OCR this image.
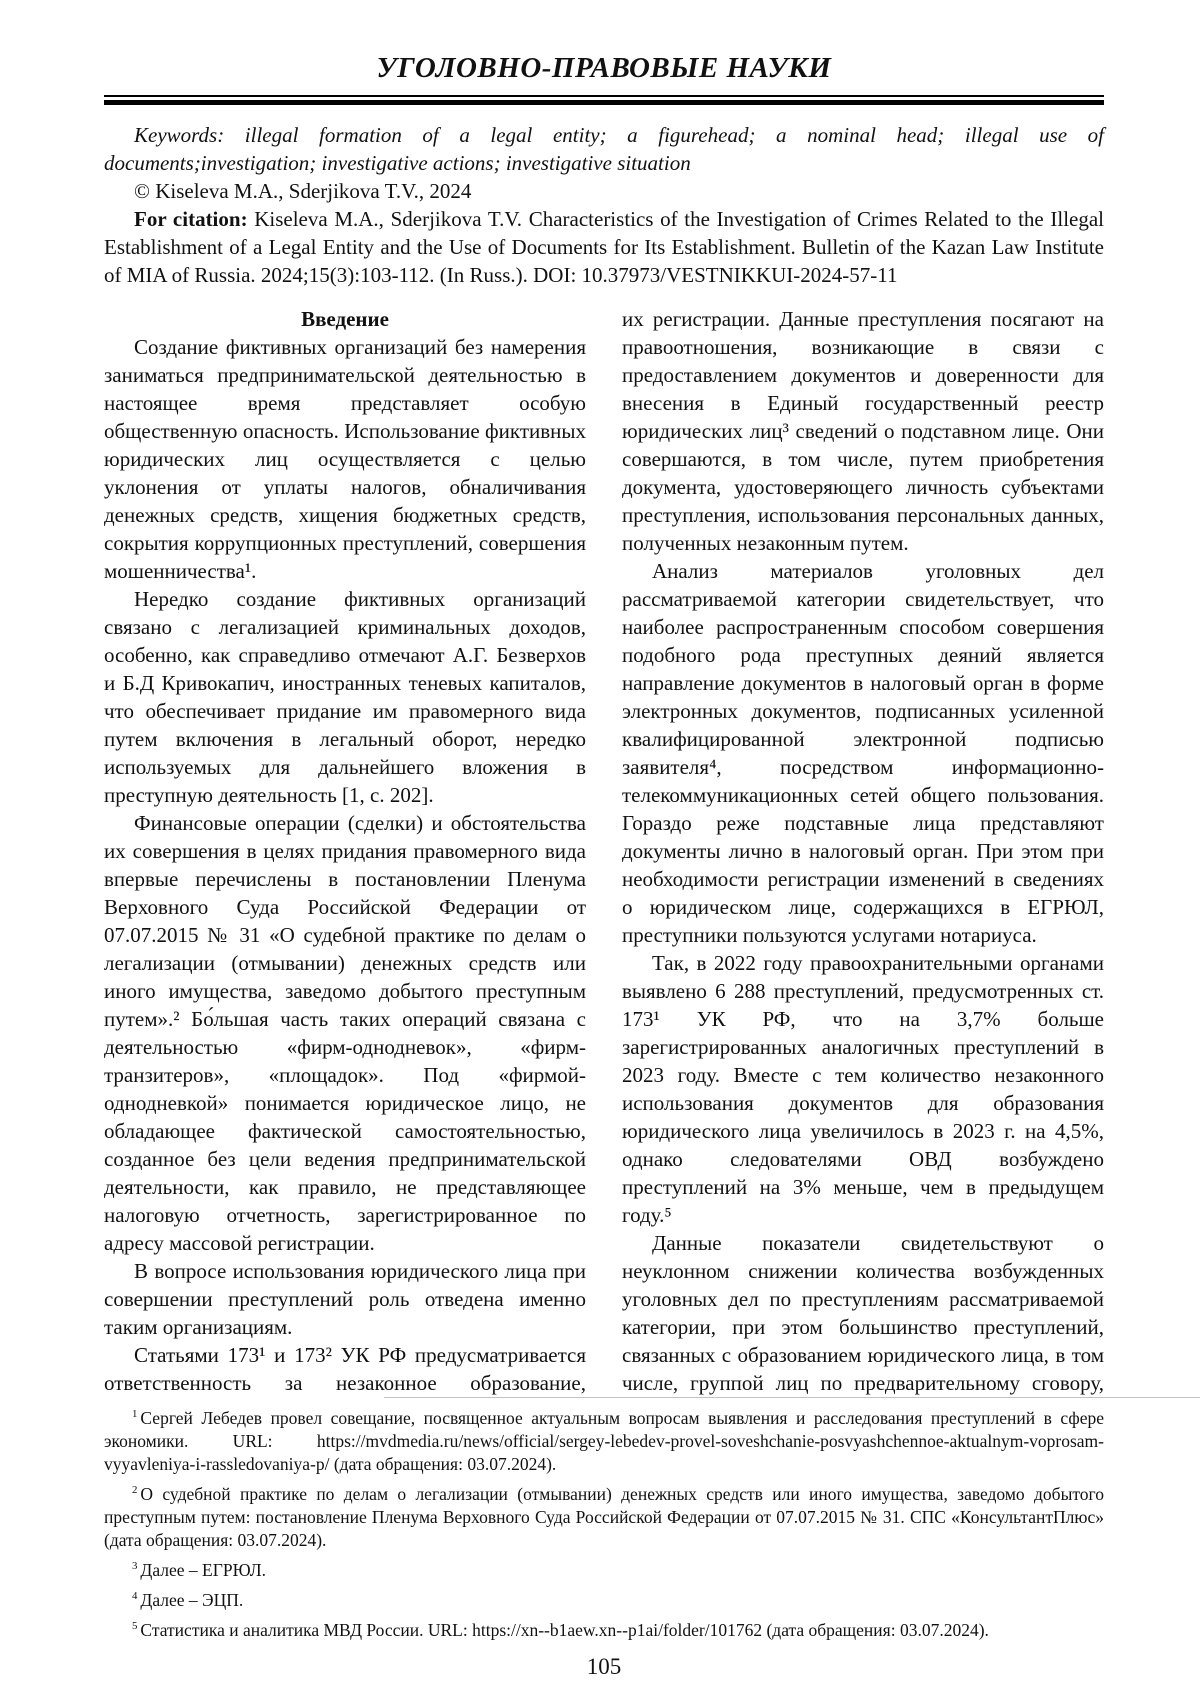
УГОЛОВНО-ПРАВОВЫЕ НАУКИ

Keywords: illegal formation of a legal entity; a figurehead; a nominal head; illegal use of documents;investigation; investigative actions; investigative situation

© Kiseleva M.A., Sderjikova T.V., 2024

For citation: Kiseleva M.A., Sderjikova T.V. Characteristics of the Investigation of Crimes Related to the Illegal Establishment of a Legal Entity and the Use of Documents for Its Establishment. Bulletin of the Kazan Law Institute of MIA of Russia. 2024;15(3):103-112. (In Russ.). DOI: 10.37973/VESTNIKKUI-2024-57-11

Введение

Создание фиктивных организаций без намерения заниматься предпринимательской деятельностью в настоящее время представляет особую общественную опасность. Использование фиктивных юридических лиц осуществляется с целью уклонения от уплаты налогов, обналичивания денежных средств, хищения бюджетных средств, сокрытия коррупционных преступлений, совершения мошенничества¹.

Нередко создание фиктивных организаций связано с легализацией криминальных доходов, особенно, как справедливо отмечают А.Г. Безверхов и Б.Д Кривокапич, иностранных теневых капиталов, что обеспечивает придание им правомерного вида путем включения в легальный оборот, нередко используемых для дальнейшего вложения в преступную деятельность [1, с. 202].

Финансовые операции (сделки) и обстоятельства их совершения в целях придания правомерного вида впервые перечислены в постановлении Пленума Верховного Суда Российской Федерации от 07.07.2015 № 31 «О судебной практике по делам о легализации (отмывании) денежных средств или иного имущества, заведомо добытого преступным путем».² Бо́льшая часть таких операций связана с деятельностью «фирм-однодневок», «фирм-транзитеров», «площадок». Под «фирмой-однодневкой» понимается юридическое лицо, не обладающее фактической самостоятельностью, созданное без цели ведения предпринимательской деятельности, как правило, не представляющее налоговую отчетность, зарегистрированное по адресу массовой регистрации.

В вопросе использования юридического лица при совершении преступлений роль отведена именно таким организациям.

Статьями 173¹ и 173² УК РФ предусматривается ответственность за незаконное образование,

их регистрации. Данные преступления посягают на правоотношения, возникающие в связи с предоставлением документов и доверенности для внесения в Единый государственный реестр юридических лиц³ сведений о подставном лице. Они совершаются, в том числе, путем приобретения документа, удостоверяющего личность субъектами преступления, использования персональных данных, полученных незаконным путем.

Анализ материалов уголовных дел рассматриваемой категории свидетельствует, что наиболее распространенным способом совершения подобного рода преступных деяний является направление документов в налоговый орган в форме электронных документов, подписанных усиленной квалифицированной электронной подписью заявителя⁴, посредством информационно-телекоммуникационных сетей общего пользования. Гораздо реже подставные лица представляют документы лично в налоговый орган. При этом при необходимости регистрации изменений в сведениях о юридическом лице, содержащихся в ЕГРЮЛ, преступники пользуются услугами нотариуса.

Так, в 2022 году правоохранительными органами выявлено 6 288 преступлений, предусмотренных ст. 173¹ УК РФ, что на 3,7% больше зарегистрированных аналогичных преступлений в 2023 году. Вместе с тем количество незаконного использования документов для образования юридического лица увеличилось в 2023 г. на 4,5%, однако следователями ОВД возбуждено преступлений на 3% меньше, чем в предыдущем году.⁵

Данные показатели свидетельствуют о неуклонном снижении количества возбужденных уголовных дел по преступлениям рассматриваемой категории, при этом большинство преступлений, связанных с образованием юридического лица, в том числе, группой лиц по предварительному сговору,

$^1$ Сергей Лебедев провел совещание, посвященное актуальным вопросам выявления и расследования преступлений в сфере экономики. URL: https://mvdmedia.ru/news/official/sergey-lebedev-provel-soveshchanie-posvyashchennoe-aktualnym-voprosam-vyyavleniya-i-rassledovaniya-p/ (дата обращения: 03.07.2024).

$^2$ О судебной практике по делам о легализации (отмывании) денежных средств или иного имущества, заведомо добытого преступным путем: постановление Пленума Верховного Суда Российской Федерации от 07.07.2015 № 31. СПС «КонсультантПлюс» (дата обращения: 03.07.2024).

$^3$ Далее – ЕГРЮЛ.

$^4$ Далее – ЭЦП.

$^5$ Статистика и аналитика МВД России. URL: https://xn--b1aew.xn--p1ai/folder/101762 (дата обращения: 03.07.2024).

105
